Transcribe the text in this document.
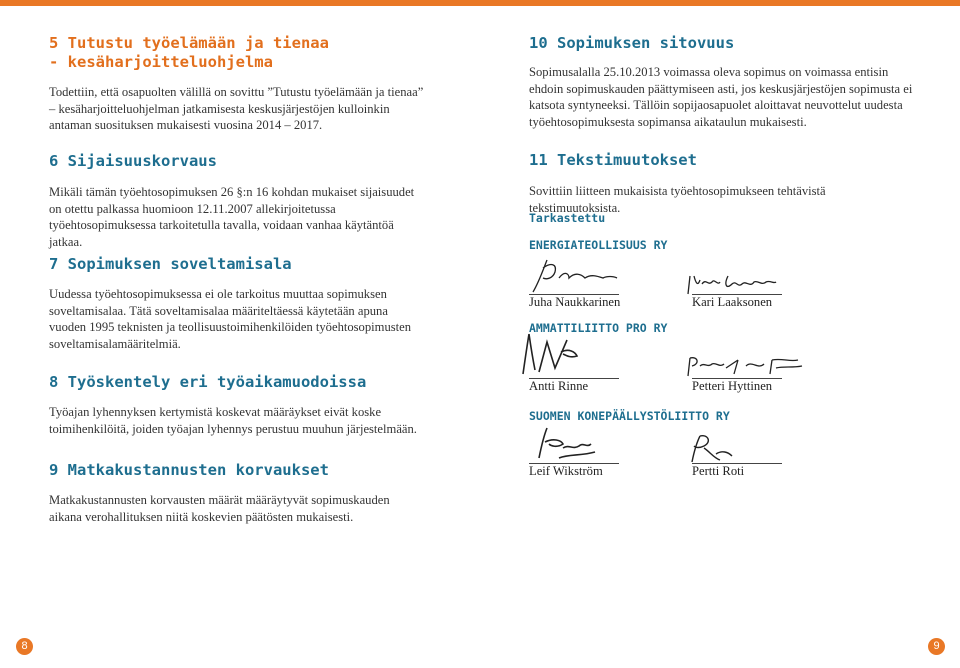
5 Tutustu työelämään ja tienaa - kesäharjoitteluohjelma

Todettiin, että osapuolten välillä on sovittu ”Tutustu työelämään ja tienaa” – kesäharjoitteluohjelman jatkamisesta keskusjärjestöjen kulloinkin antaman suosituksen mukaisesti vuosina 2014 – 2017.

6 Sijaisuuskorvaus

Mikäli tämän työehtosopimuksen 26 §:n 16 kohdan mukaiset sijaisuudet on otettu palkassa huomioon 12.11.2007 allekirjoitetussa työehtosopimuksessa tarkoitetulla tavalla, voidaan vanhaa käytäntöä jatkaa.

7 Sopimuksen soveltamisala

Uudessa työehtosopimuksessa ei ole tarkoitus muuttaa sopimuksen soveltamisalaa. Tätä soveltamisalaa määriteltäessä käytetään apuna vuoden 1995 teknisten ja teollisuustoimihenkilöiden työehtosopimusten soveltamisalamääritelmiä.

8 Työskentely eri työaikamuodoissa

Työajan lyhennyksen kertymistä koskevat määräykset eivät koske toimihenkilöitä, joiden työajan lyhennys perustuu muuhun järjestelmään.

9 Matkakustannusten korvaukset

Matkakustannusten korvausten määrät määräytyvät sopimuskauden aikana verohallituksen niitä koskevien päätösten mukaisesti.

8
10 Sopimuksen sitovuus

Sopimusalalla 25.10.2013 voimassa oleva sopimus on voimassa entisin ehdoin sopimuskauden päättymiseen asti, jos keskusjärjestöjen sopimusta ei katsota syntyneeksi. Tällöin sopijaosapuolet aloittavat neuvottelut uudesta työehtosopimuksesta sopimansa aikataulun mukaisesti.

11 Tekstimuutokset

Sovittiin liitteen mukaisista työehtosopimukseen tehtävistä tekstimuutoksista.

Tarkastettu
ENERGIATEOLLISUUS RY
Juha Naukkarinen	Kari Laaksonen
AMMATTILIITTO PRO RY
Antti Rinne	Petteri Hyttinen
SUOMEN KONEPÄÄLLYSTÖLIITTO RY
Leif Wikström	Pertti Roti
9
